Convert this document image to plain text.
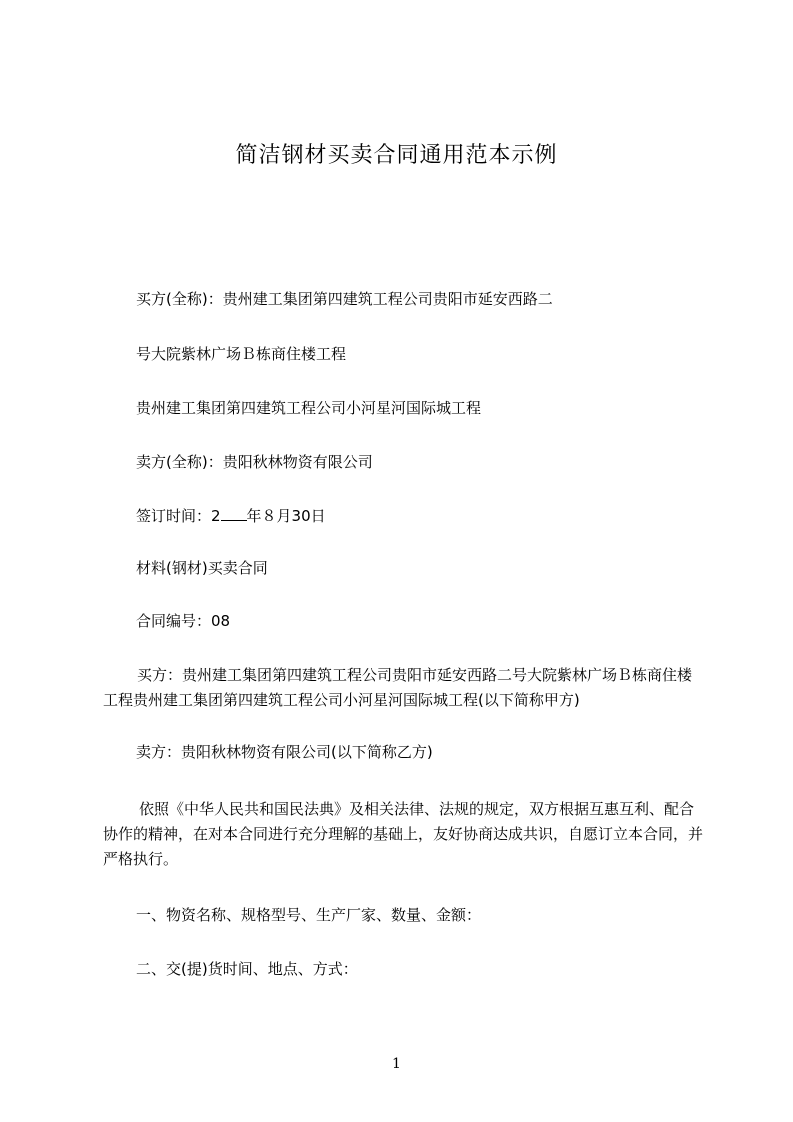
简洁钢材买卖合同通用范本示例
买方(全称)：贵州建工集团第四建筑工程公司贵阳市延安西路二
号大院紫林广场Ｂ栋商住楼工程
贵州建工集团第四建筑工程公司小河星河国际城工程
卖方(全称)：贵阳秋林物资有限公司
签订时间：2 年８月30日
材料(钢材)买卖合同
合同编号：08
买方：贵州建工集团第四建筑工程公司贵阳市延安西路二号大院紫林广场Ｂ栋商住楼工程贵州建工集团第四建筑工程公司小河星河国际城工程(以下简称甲方)
卖方：贵阳秋林物资有限公司(以下简称乙方)
依照《中华人民共和国民法典》及相关法律、法规的规定，双方根据互惠互利、配合协作的精神，在对本合同进行充分理解的基础上，友好协商达成共识，自愿订立本合同，并严格执行。
一、物资名称、规格型号、生产厂家、数量、金额：
二、交(提)货时间、地点、方式：
1
